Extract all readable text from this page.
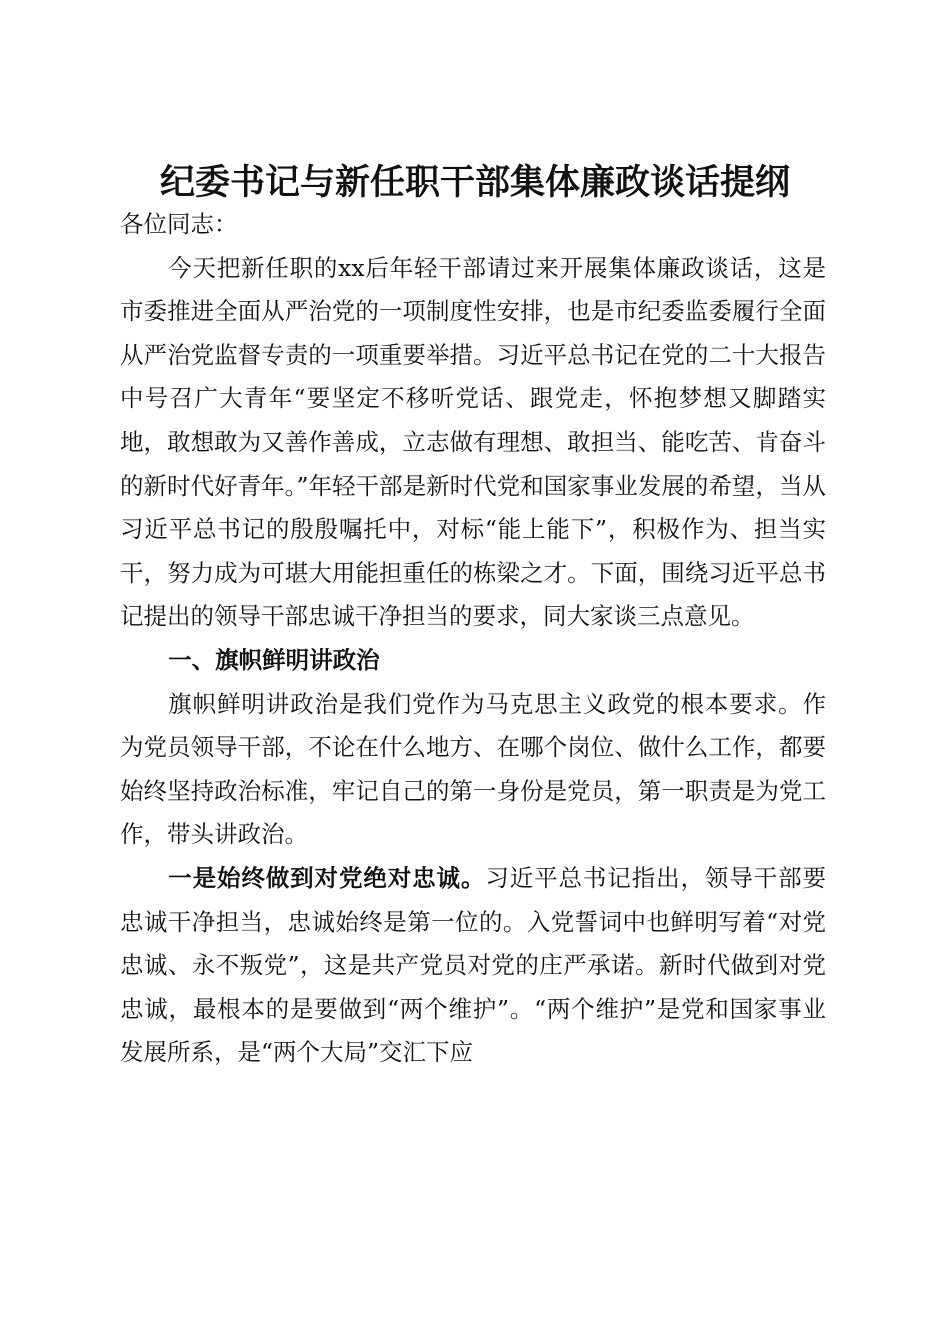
纪委书记与新任职干部集体廉政谈话提纲

各位同志：

今天把新任职的xx后年轻干部请过来开展集体廉政谈话，这是市委推进全面从严治党的一项制度性安排，也是市纪委监委履行全面从严治党监督专责的一项重要举措。习近平总书记在党的二十大报告中号召广大青年“要坚定不移听党话、跟党走，怀抱梦想又脚踏实地，敢想敢为又善作善成，立志做有理想、敢担当、能吃苦、肯奋斗的新时代好青年。”年轻干部是新时代党和国家事业发展的希望，当从习近平总书记的殷殷嘱托中，对标“能上能下”，积极作为、担当实干，努力成为可堪大用能担重任的栋梁之才。下面，围绕习近平总书记提出的领导干部忠诚干净担当的要求，同大家谈三点意见。

一、旗帜鲜明讲政治

旗帜鲜明讲政治是我们党作为马克思主义政党的根本要求。作为党员领导干部，不论在什么地方、在哪个岗位、做什么工作，都要始终坚持政治标准，牢记自己的第一身份是党员，第一职责是为党工作，带头讲政治。

一是始终做到对党绝对忠诚。习近平总书记指出，领导干部要忠诚干净担当，忠诚始终是第一位的。入党誓词中也鲜明写着“对党忠诚、永不叛党”，这是共产党员对党的庄严承诺。新时代做到对党忠诚，最根本的是要做到“两个维护”。“两个维护”是党和国家事业发展所系，是“两个大局”交汇下应
